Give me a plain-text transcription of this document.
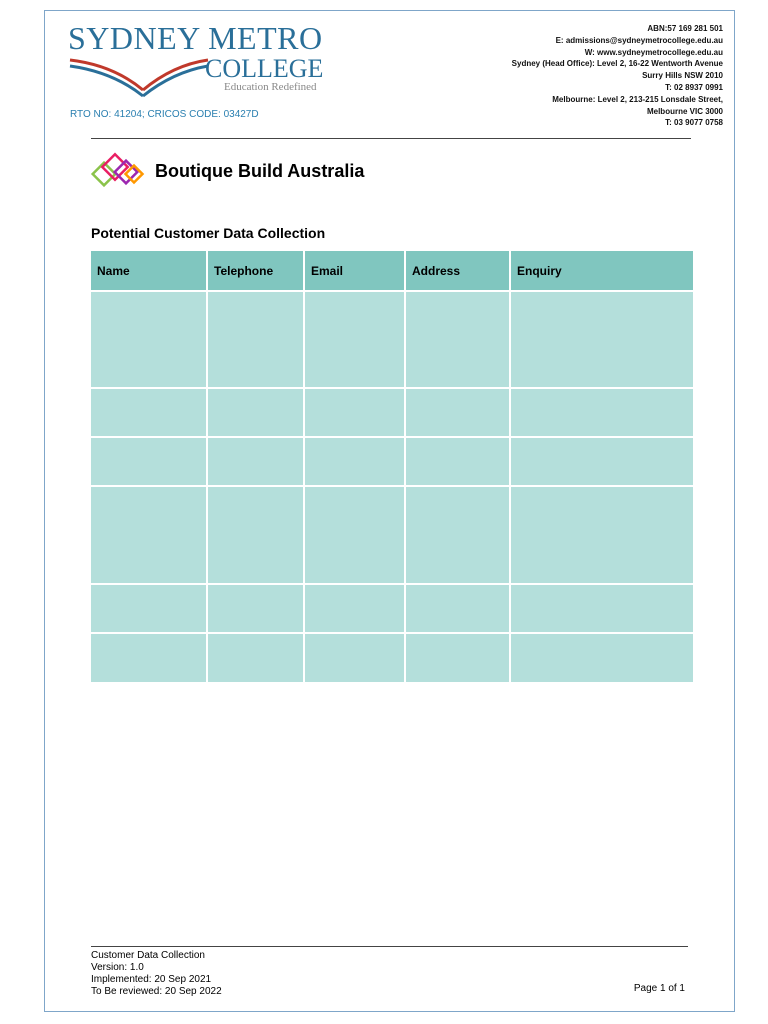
SYDNEY METRO
COLLEGE
Education Redefined
RTO NO: 41204; CRICOS CODE: 03427D
ABN:57 169 281 501
E: admissions@sydneymetrocollege.edu.au
W: www.sydneymetrocollege.edu.au
Sydney (Head Office): Level 2, 16-22 Wentworth Avenue
Surry Hills NSW 2010
T: 02 8937 0991
Melbourne: Level 2, 213-215 Lonsdale Street,
Melbourne VIC 3000
T: 03 9077 0758
Boutique Build Australia
Potential Customer Data Collection
Name	Telephone	Email	Address	Enquiry

Customer Data Collection
Version: 1.0
Implemented: 20 Sep 2021
To Be reviewed: 20 Sep 2022	Page 1 of 1
